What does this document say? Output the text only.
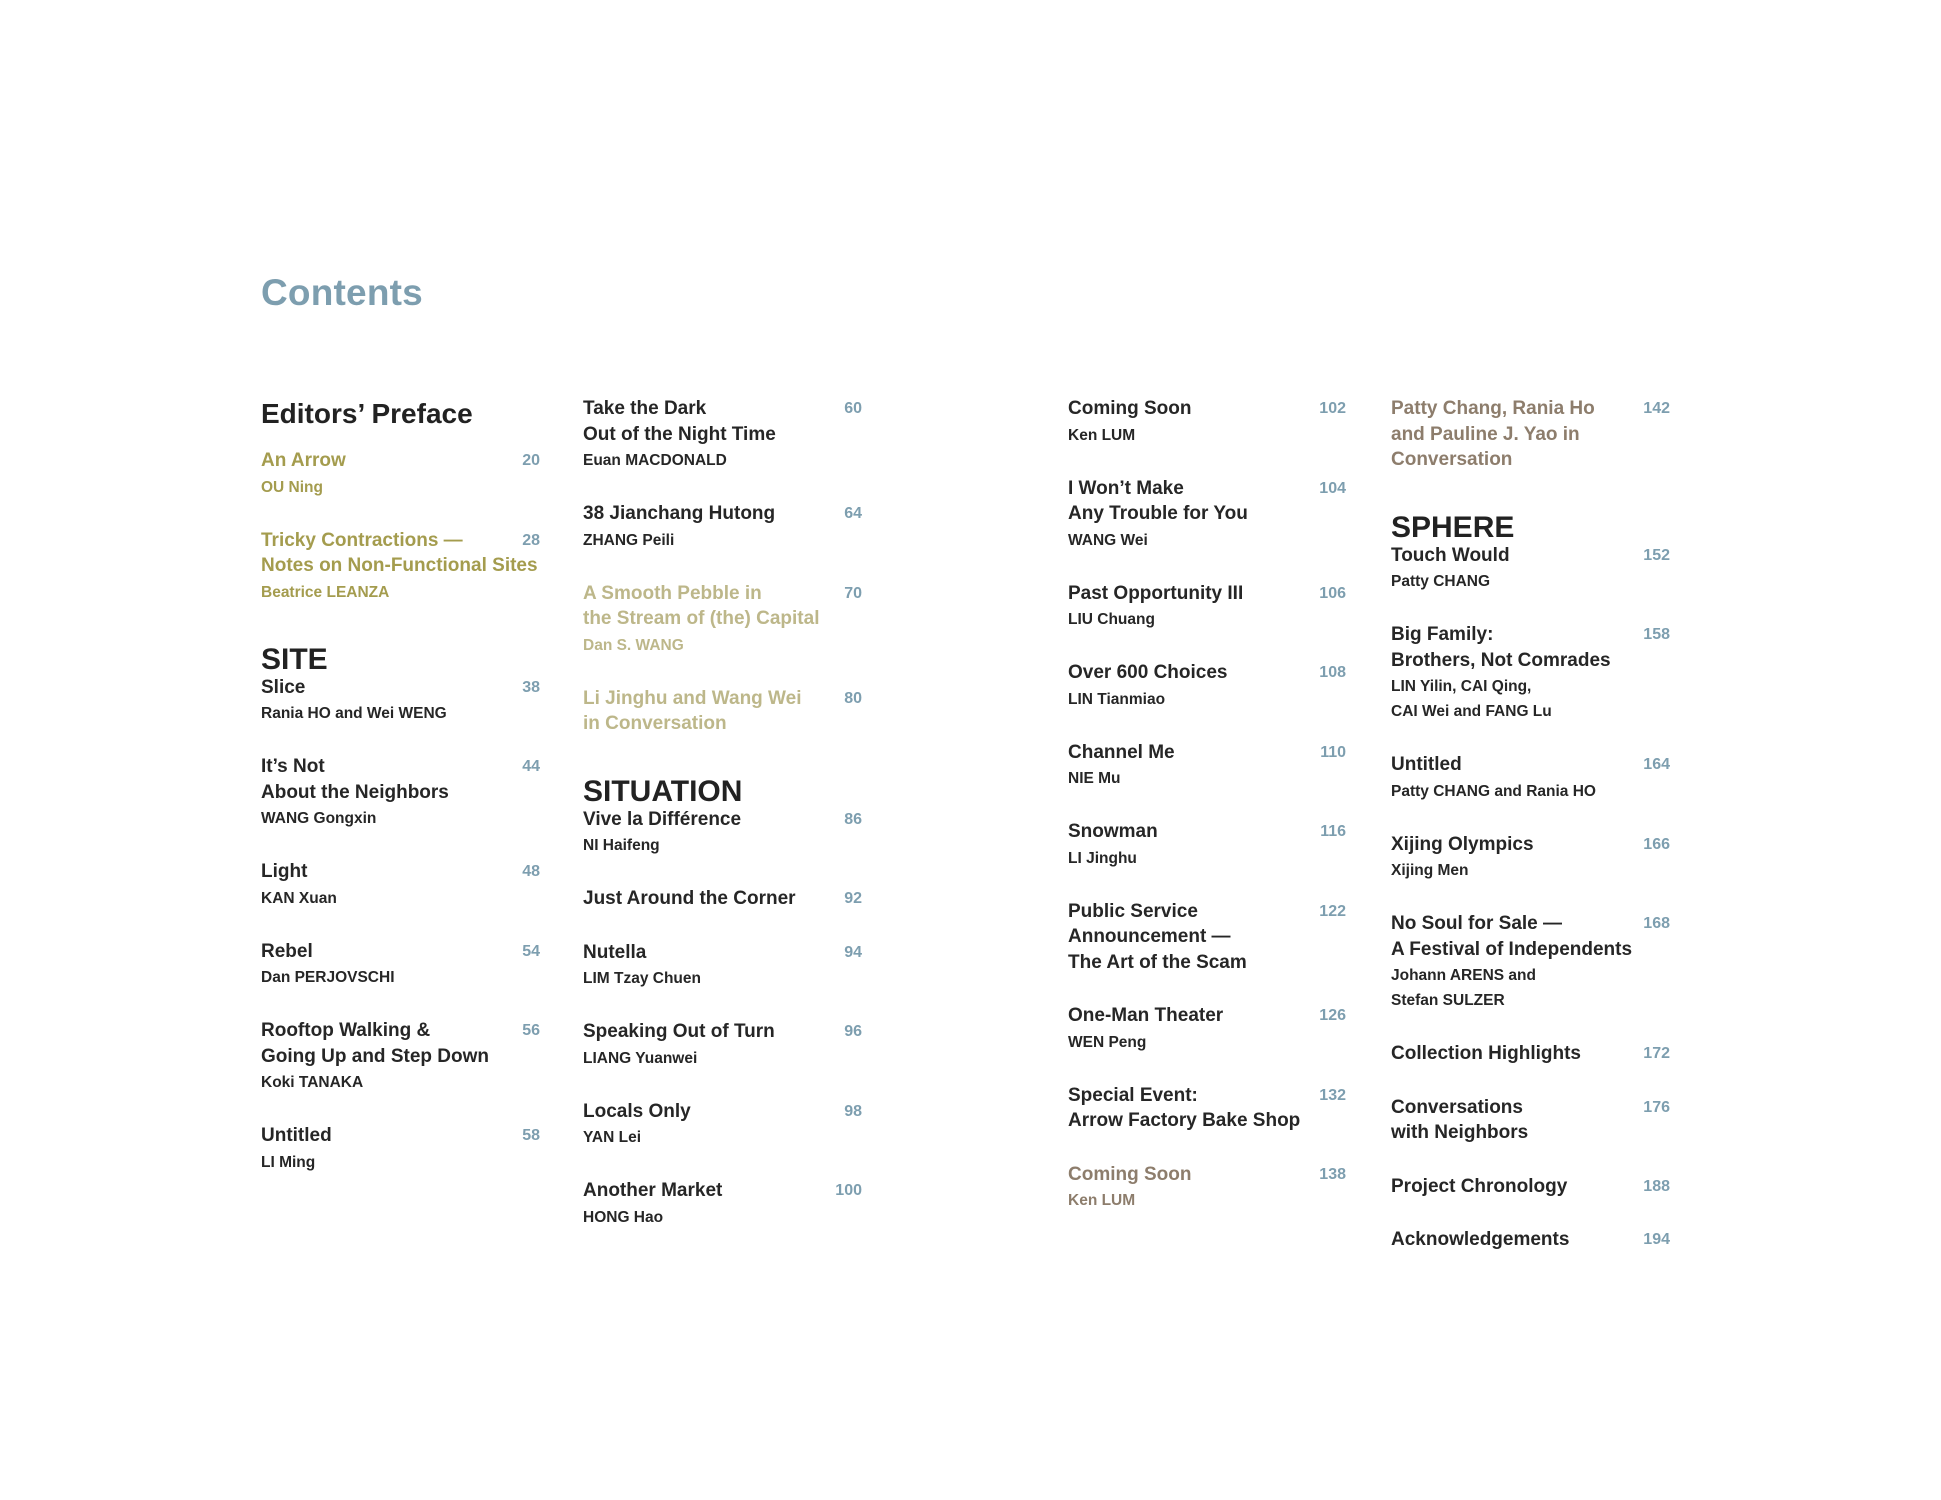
Contents
Editors’ Preface
An Arrow
OU Ning
20
Tricky Contractions —
Notes on Non-Functional Sites
Beatrice LEANZA
28
SITE
Slice
Rania HO and Wei WENG
38
It’s Not
About the Neighbors
WANG Gongxin
44
Light
KAN Xuan
48
Rebel
Dan PERJOVSCHI
54
Rooftop Walking &
Going Up and Step Down
Koki TANAKA
56
Untitled
LI Ming
58
Take the Dark
Out of the Night Time
Euan MACDONALD
60
38 Jianchang Hutong
ZHANG Peili
64
A Smooth Pebble in
the Stream of (the) Capital
Dan S. WANG
70
Li Jinghu and Wang Wei
in Conversation
80
SITUATION
Vive la Différence
NI Haifeng
86
Just Around the Corner	92
Nutella
LIM Tzay Chuen
94
Speaking Out of Turn
LIANG Yuanwei
96
Locals Only
YAN Lei
98
Another Market
HONG Hao
100
Coming Soon
Ken LUM
102
I Won’t Make
Any Trouble for You
WANG Wei
104
Past Opportunity III
LIU Chuang
106
Over 600 Choices
LIN Tianmiao
108
Channel Me
NIE Mu
110
Snowman
LI Jinghu
116
Public Service
Announcement —
The Art of the Scam
122
One-Man Theater
WEN Peng
126
Special Event:
Arrow Factory Bake Shop
132
Coming Soon
Ken LUM
138
Patty Chang, Rania Ho
and Pauline J. Yao in
Conversation
142
SPHERE
Touch Would
Patty CHANG
152
Big Family:
Brothers, Not Comrades
LIN Yilin, CAI Qing,
CAI Wei and FANG Lu
158
Untitled
Patty CHANG and Rania HO
164
Xijing Olympics
Xijing Men
166
No Soul for Sale —
A Festival of Independents
Johann ARENS and
Stefan SULZER
168
Collection Highlights	172
Conversations
with Neighbors
176
Project Chronology	188
Acknowledgements	194
